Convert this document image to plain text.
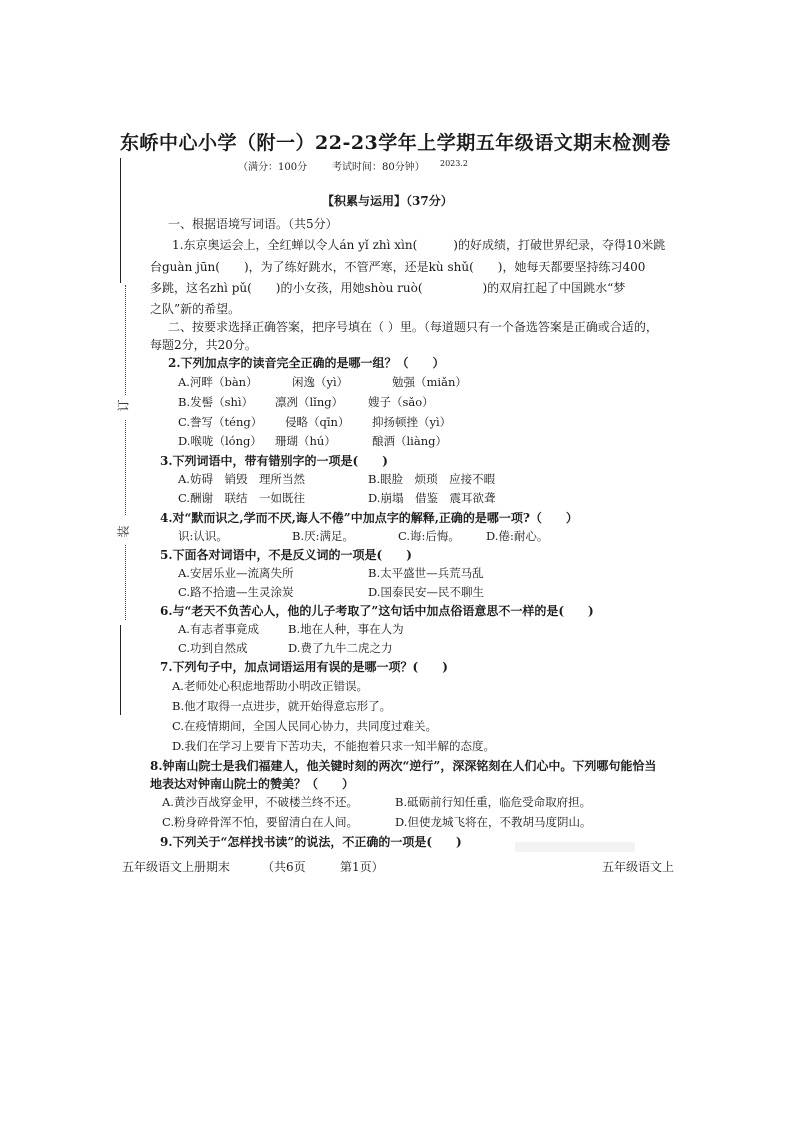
订
装
东峤中心小学（附一）22-23学年上学期五年级语文期末检测卷
（满分：100分 考试时间：80分钟） 2023.2
【积累与运用】（37分）
一、根据语境写词语。（共5分）
1.东京奥运会上，全红蝉以令人án yǐ zhì xìn(　　　)的好成绩，打破世界纪录，夺得10米跳
台guàn jūn(　　)，为了练好跳水，不管严寒，还是kù shǔ(　　)，她每天都要坚持练习400
多跳，这名zhì pǔ(　　)的小女孩，用她shòu ruò(　　　　　)的双肩扛起了中国跳水“梦
之队”新的希望。
二、按要求选择正确答案，把序号填在（ ）里。（每道题只有一个备选答案是正确或合适的，
每题2分，共20分。
2.下列加点字的读音完全正确的是哪一组？（　　）
A.河畔（bàn）	闲逸（yì）	勉强（miǎn）
B.发髻（shì） 凛冽（lǐng） 嫂子（sǎo）
C.誊写（téng） 侵略（qīn） 抑扬顿挫（yì）
D.喉咙（lóng） 珊瑚（hú）	酿酒（liàng）
3.下列词语中，带有错别字的一项是(　　)
A.妨碍　销毁　理所当然	B.眼脸　烦琐　应接不暇
C.酬谢　联结　一如既往	D.崩塌　借鉴　震耳欲聋
4.对“默而识之,学而不厌,诲人不倦”中加点字的解释,正确的是哪一项?（　　）
识:认识。	B.厌:满足。	C.诲:后悔。 D.倦:耐心。
5.下面各对词语中，不是反义词的一项是(　　)
A.安居乐业—流离失所	B.太平盛世—兵荒马乱
C.路不拾遗—生灵涂炭	D.国泰民安—民不聊生
6.与“老天不负苦心人，他的儿子考取了”这句话中加点俗语意思不一样的是(　　)
A.有志者事竟成	B.地在人种，事在人为
C.功到自然成	D.费了九牛二虎之力
7.下列句子中，加点词语运用有误的是哪一项？(　　)
A.老师处心积虑地帮助小明改正错误。
B.他才取得一点进步，就开始得意忘形了。
C.在疫情期间，全国人民同心协力，共同度过难关。
D.我们在学习上要肯下苦功夫，不能抱着只求一知半解的态度。
8.钟南山院士是我们福建人，他关键时刻的两次“逆行”，深深铭刻在人们心中。下列哪句能恰当
地表达对钟南山院士的赞美？（　　）
A.黄沙百战穿金甲，不破楼兰终不还。	B.砥砺前行知任重，临危受命取府担。
C.粉身碎骨浑不怕，要留清白在人间。	D.但使龙城飞将在，不教胡马度阴山。
9.下列关于“怎样找书读”的说法，不正确的一项是(　　)
五年级语文上册期末	（共6页	第1页）	五年级语文上
